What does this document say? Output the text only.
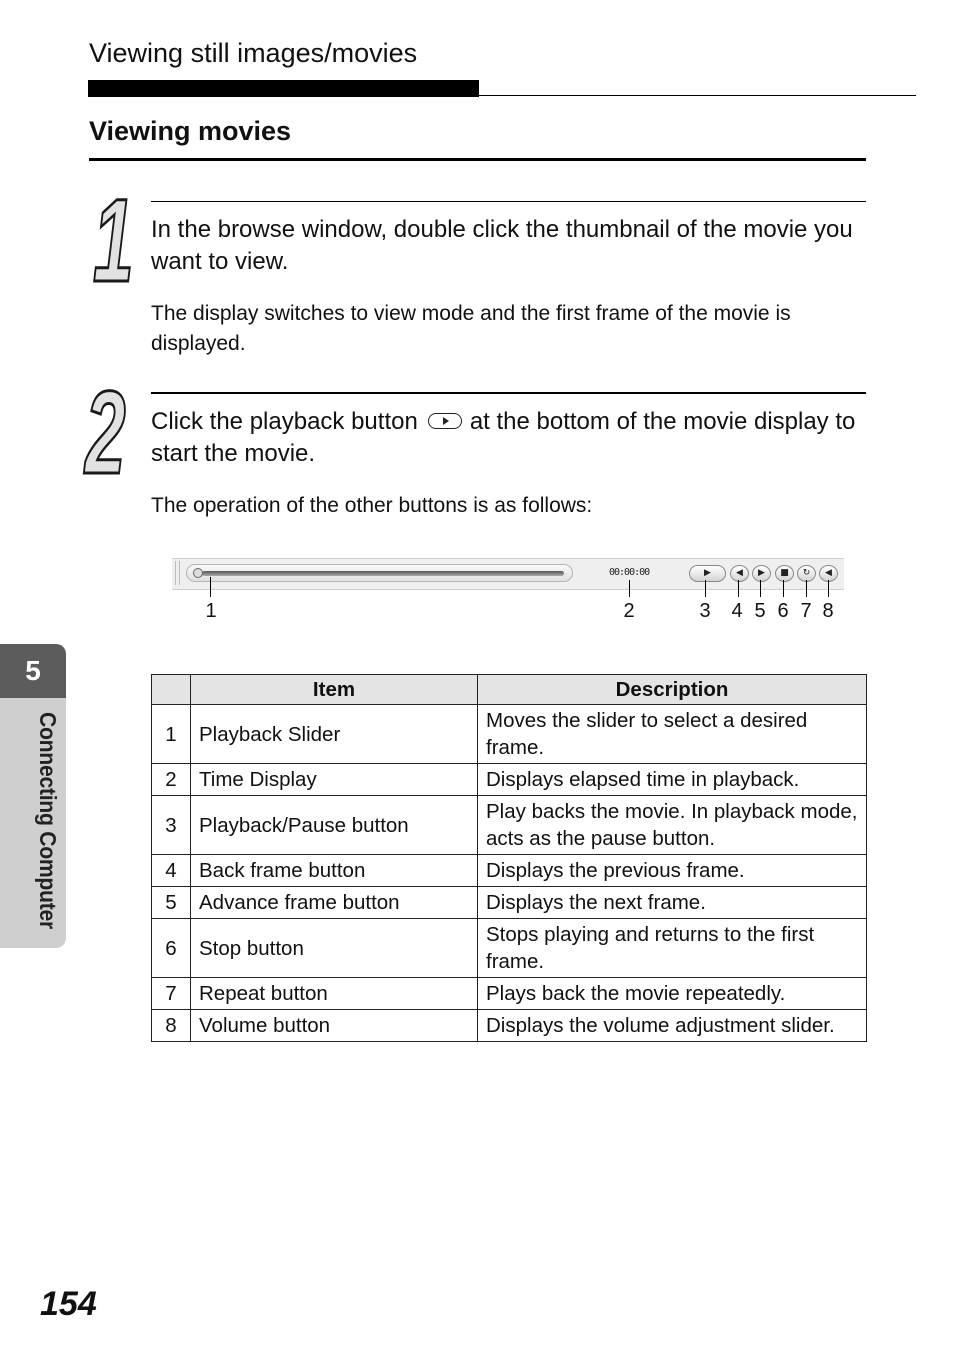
Viewing still images/movies
Viewing movies
1 In the browse window, double click the thumbnail of the movie you want to view.
The display switches to view mode and the first frame of the movie is displayed.
2 Click the playback button at the bottom of the movie display to start the movie.
The operation of the other buttons is as follows:
00:00:00	▶	◀ ▶ ■ ↻ ◀
1	2	3 4 5 6 7 8
	Item	Description
1	Playback Slider	Moves the slider to select a desired frame.
2	Time Display	Displays elapsed time in playback.
3	Playback/Pause button	Play backs the movie. In playback mode, acts as the pause button.
4	Back frame button	Displays the previous frame.
5	Advance frame button	Displays the next frame.
6	Stop button	Stops playing and returns to the first frame.
7	Repeat button	Plays back the movie repeatedly.
8	Volume button	Displays the volume adjustment slider.
5
Connecting Computer
154
